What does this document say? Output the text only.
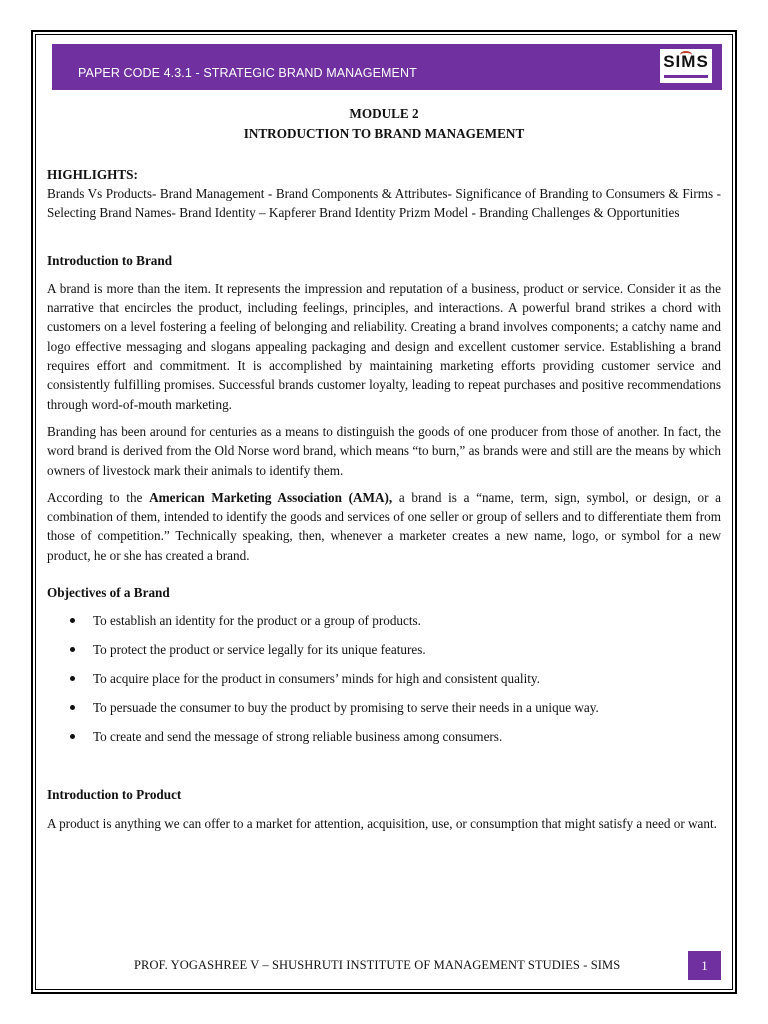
PAPER CODE 4.3.1 - STRATEGIC BRAND MANAGEMENT
SIMS
MODULE 2
INTRODUCTION TO BRAND MANAGEMENT
HIGHLIGHTS:
Brands Vs Products- Brand Management - Brand Components & Attributes- Significance of Branding to Consumers & Firms - Selecting Brand Names- Brand Identity – Kapferer Brand Identity Prizm Model - Branding Challenges & Opportunities
Introduction to Brand

A brand is more than the item. It represents the impression and reputation of a business, product or service. Consider it as the narrative that encircles the product, including feelings, principles, and interactions. A powerful brand strikes a chord with customers on a level fostering a feeling of belonging and reliability. Creating a brand involves components; a catchy name and logo effective messaging and slogans appealing packaging and design and excellent customer service. Establishing a brand requires effort and commitment. It is accomplished by maintaining marketing efforts providing customer service and consistently fulfilling promises. Successful brands customer loyalty, leading to repeat purchases and positive recommendations through word-of-mouth marketing.

Branding has been around for centuries as a means to distinguish the goods of one producer from those of another. In fact, the word brand is derived from the Old Norse word brand, which means “to burn,” as brands were and still are the means by which owners of livestock mark their animals to identify them.

According to the American Marketing Association (AMA), a brand is a “name, term, sign, symbol, or design, or a combination of them, intended to identify the goods and services of one seller or group of sellers and to differentiate them from those of competition.” Technically speaking, then, whenever a marketer creates a new name, logo, or symbol for a new product, he or she has created a brand.

Objectives of a Brand
To establish an identity for the product or a group of products.
To protect the product or service legally for its unique features.
To acquire place for the product in consumers’ minds for high and consistent quality.
To persuade the consumer to buy the product by promising to serve their needs in a unique way.
To create and send the message of strong reliable business among consumers.
Introduction to Product

A product is anything we can offer to a market for attention, acquisition, use, or consumption that might satisfy a need or want.

PROF. YOGASHREE V – SHUSHRUTI INSTITUTE OF MANAGEMENT STUDIES - SIMS	1
